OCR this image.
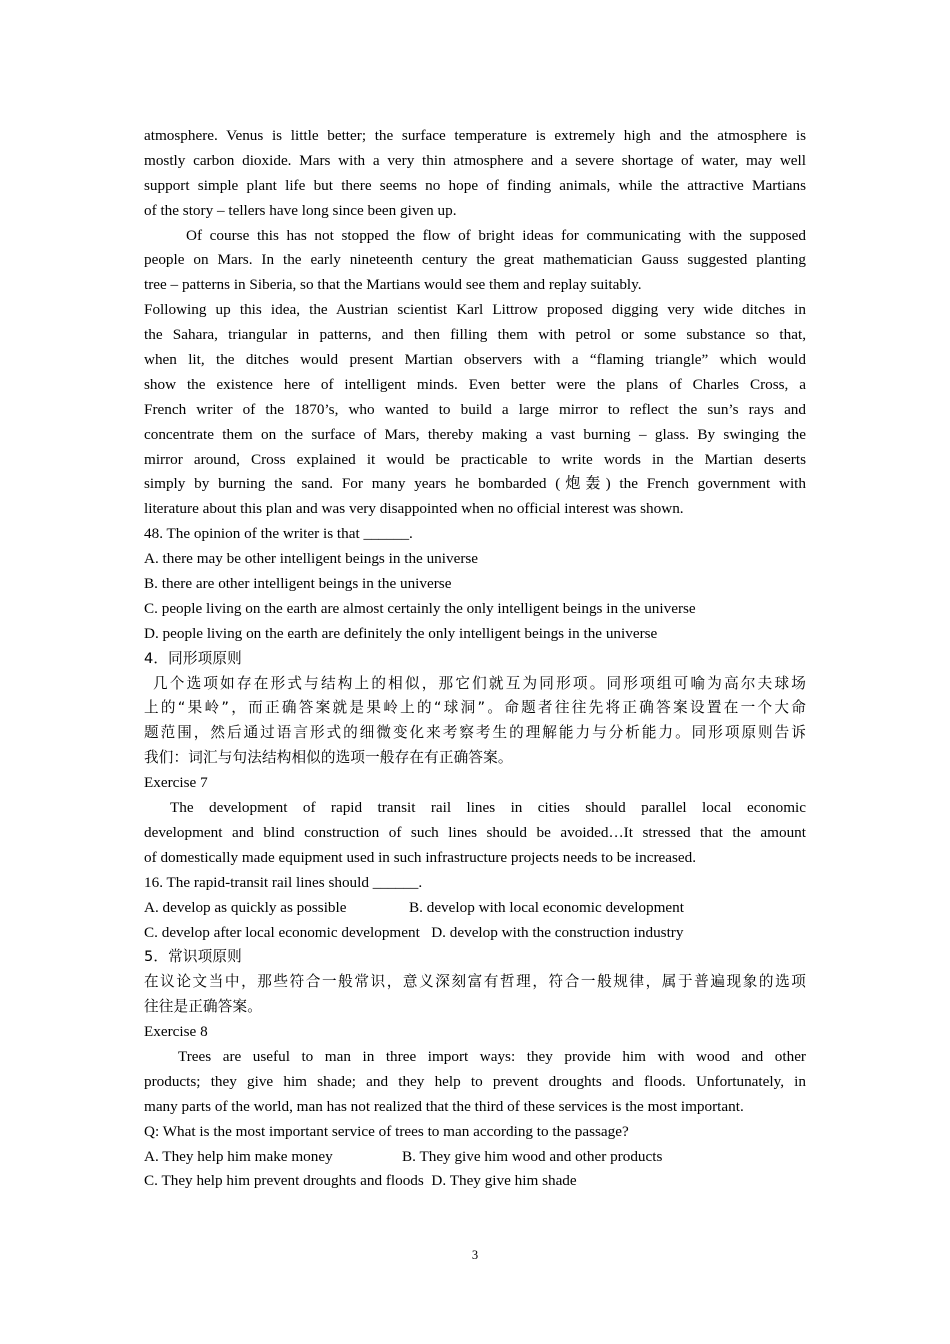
atmosphere. Venus is little better; the surface temperature is extremely high and the atmosphere is
mostly carbon dioxide. Mars with a very thin atmosphere and a severe shortage of water, may well
support simple plant life but there seems no hope of finding animals, while the attractive Martians
of the story – tellers have long since been given up.
Of course this has not stopped the flow of bright ideas for communicating with the supposed
people on Mars. In the early nineteenth century the great mathematician Gauss suggested planting
tree – patterns in Siberia, so that the Martians would see them and replay suitably.
Following up this idea, the Austrian scientist Karl Littrow proposed digging very wide ditches in
the Sahara, triangular in patterns, and then filling them with petrol or some substance so that,
when lit, the ditches would present Martian observers with a “flaming triangle” which would
show the existence here of intelligent minds. Even better were the plans of Charles Cross, a
French writer of the 1870’s, who wanted to build a large mirror to reflect the sun’s rays and
concentrate them on the surface of Mars, thereby making a vast burning – glass. By swinging the
mirror around, Cross explained it would be practicable to write words in the Martian deserts
simply by burning the sand. For many years he bombarded (炮轰) the French government with
literature about this plan and was very disappointed when no official interest was shown.
48. The opinion of the writer is that ______.
A. there may be other intelligent beings in the universe
B. there are other intelligent beings in the universe
C. people living on the earth are almost certainly the only intelligent beings in the universe
D. people living on the earth are definitely the only intelligent beings in the universe
4．同形项原则
几个选项如存在形式与结构上的相似，那它们就互为同形项。同形项组可喻为高尔夫球场
上的“果岭”，而正确答案就是果岭上的“球洞”。命题者往往先将正确答案设置在一个大命
题范围，然后通过语言形式的细微变化来考察考生的理解能力与分析能力。同形项原则告诉
我们：词汇与句法结构相似的选项一般存在有正确答案。
Exercise 7
The development of rapid transit rail lines in cities should parallel local economic
development and blind construction of such lines should be avoided…It stressed that the amount
of domestically made equipment used in such infrastructure projects needs to be increased.
16. The rapid-transit rail lines should ______.
A. develop as quickly as possible	B. develop with local economic development
C. develop after local economic development D. develop with the construction industry
5．常识项原则
在议论文当中，那些符合一般常识，意义深刻富有哲理，符合一般规律，属于普遍现象的选项
往往是正确答案。
Exercise 8
Trees are useful to man in three import ways: they provide him with wood and other
products; they give him shade; and they help to prevent droughts and floods. Unfortunately, in
many parts of the world, man has not realized that the third of these services is the most important.
Q: What is the most important service of trees to man according to the passage?
A. They help him make money	B. They give him wood and other products
C. They help him prevent droughts and floods D. They give him shade
3
